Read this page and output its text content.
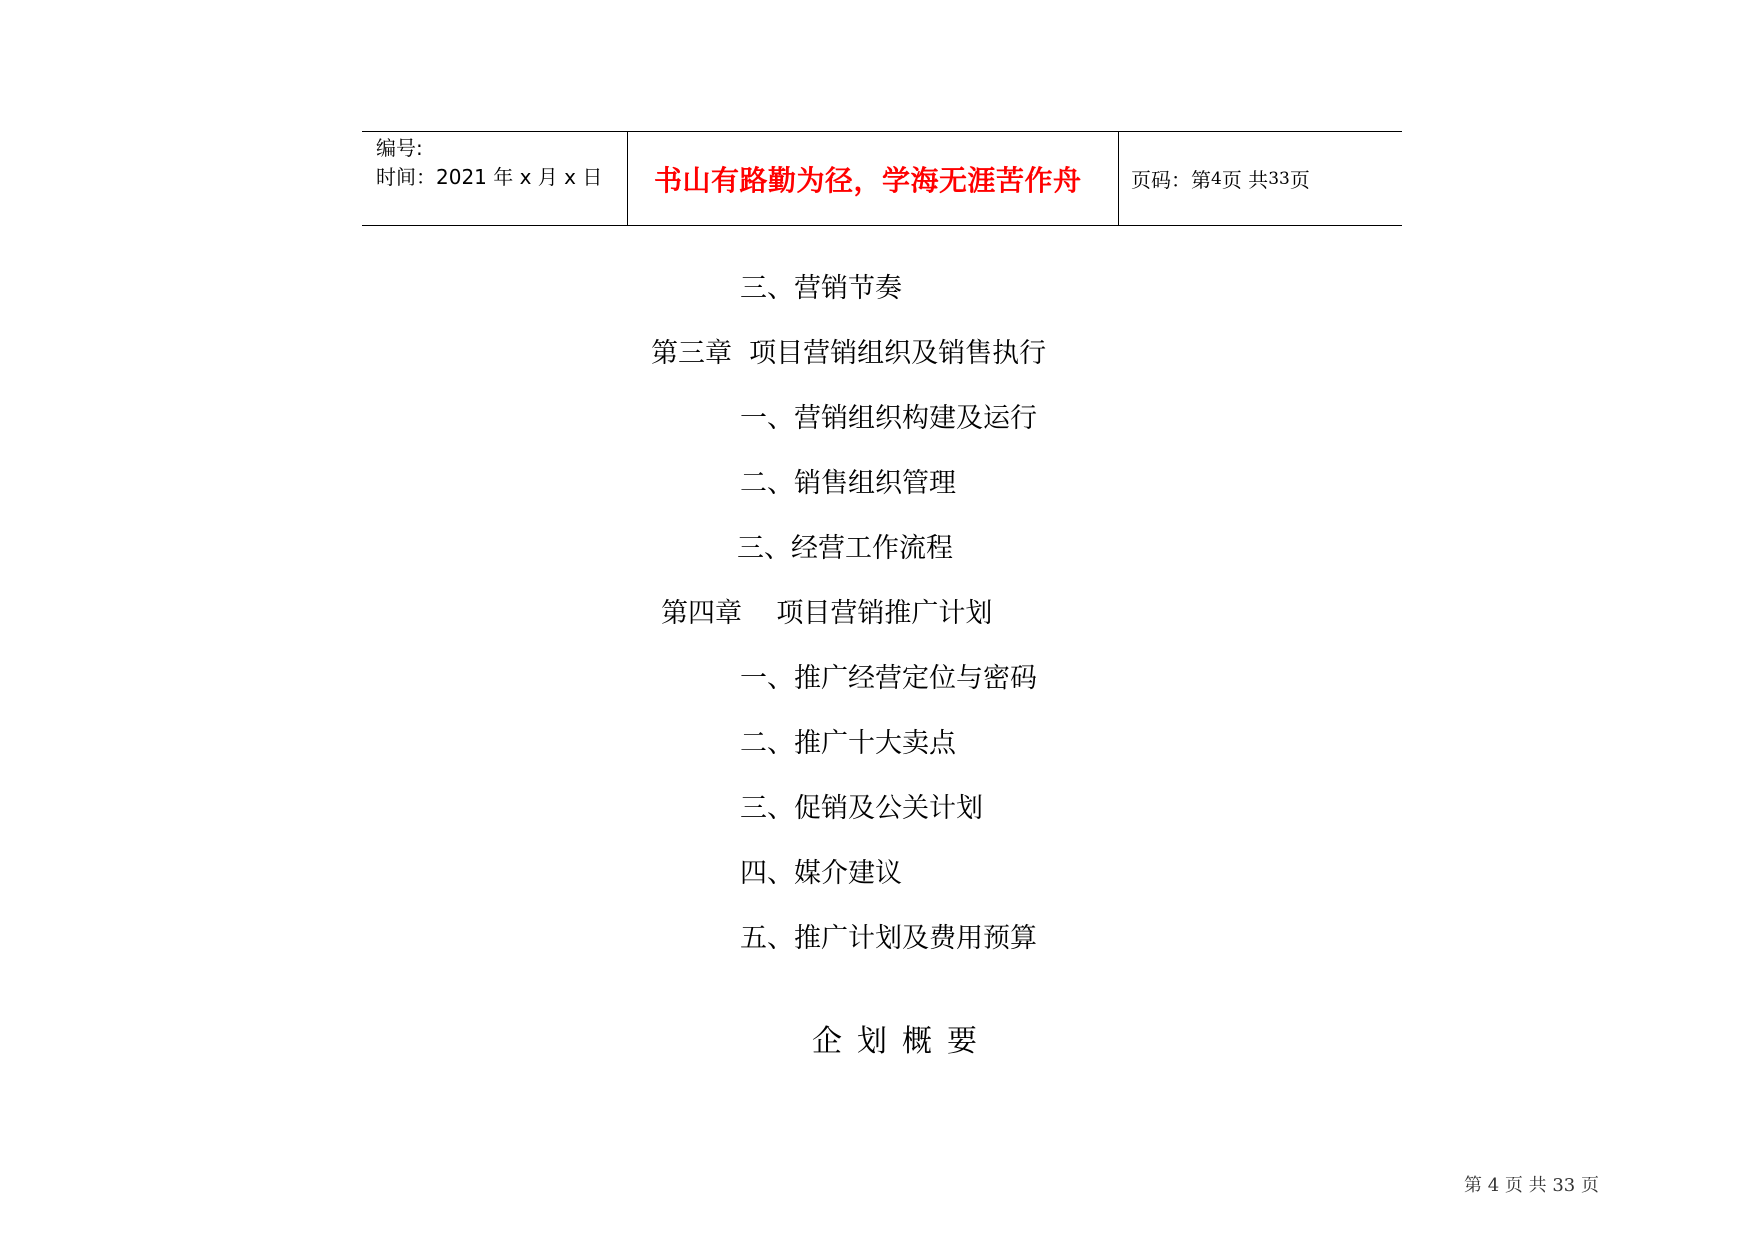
编号:
时间：2021 年 x 月 x 日	书山有路勤为径，学海无涯苦作舟 页码：第 4 页 共 33 页
三、营销节奏
第三章  项目营销组织及销售执行
一、营销组织构建及运行
二、销售组织管理
三、经营工作流程
第四章    项目营销推广计划
一、推广经营定位与密码
二、推广十大卖点
三、促销及公关计划
四、媒介建议
五、推广计划及费用预算
企划概要
第 4 页 共 33 页
